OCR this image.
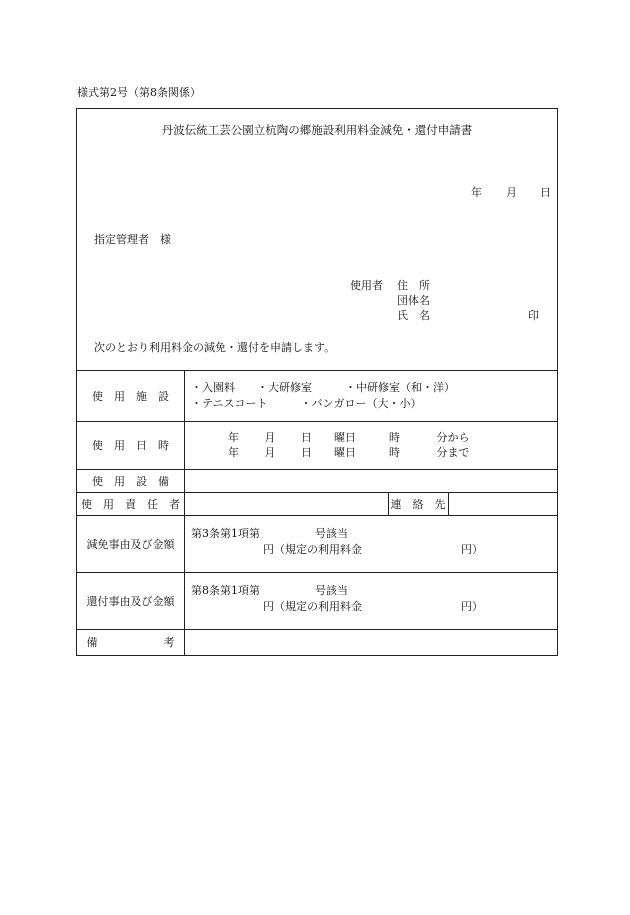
様式第2号（第8条関係）
丹波伝統工芸公園立杭陶の郷施設利用料金減免・還付申請書
年 月 日
指定管理者　様
使用者 住　所
団体名
氏　名	印
次のとおり利用料金の減免・還付を申請します。
使　用　施　設
・入園料　　・大研修室　　　・中研修室（和・洋）
・テニスコート　　　・バンガロー（大・小）
使　用　日　時
年　　 月　　 日　　曜日　　　時　　　 分から
年　　 月　　 日　　曜日　　　時　　　 分まで
使　用　設　備
使　用　責　任　者	連　絡　先
減免事由及び金額
第3条第1項第　　　　　号該当
円（規定の利用料金　　　　　　　　　円）
還付事由及び金額
第8条第1項第　　　　　号該当
円（規定の利用料金　　　　　　　　　円）
備　　　　　　考
